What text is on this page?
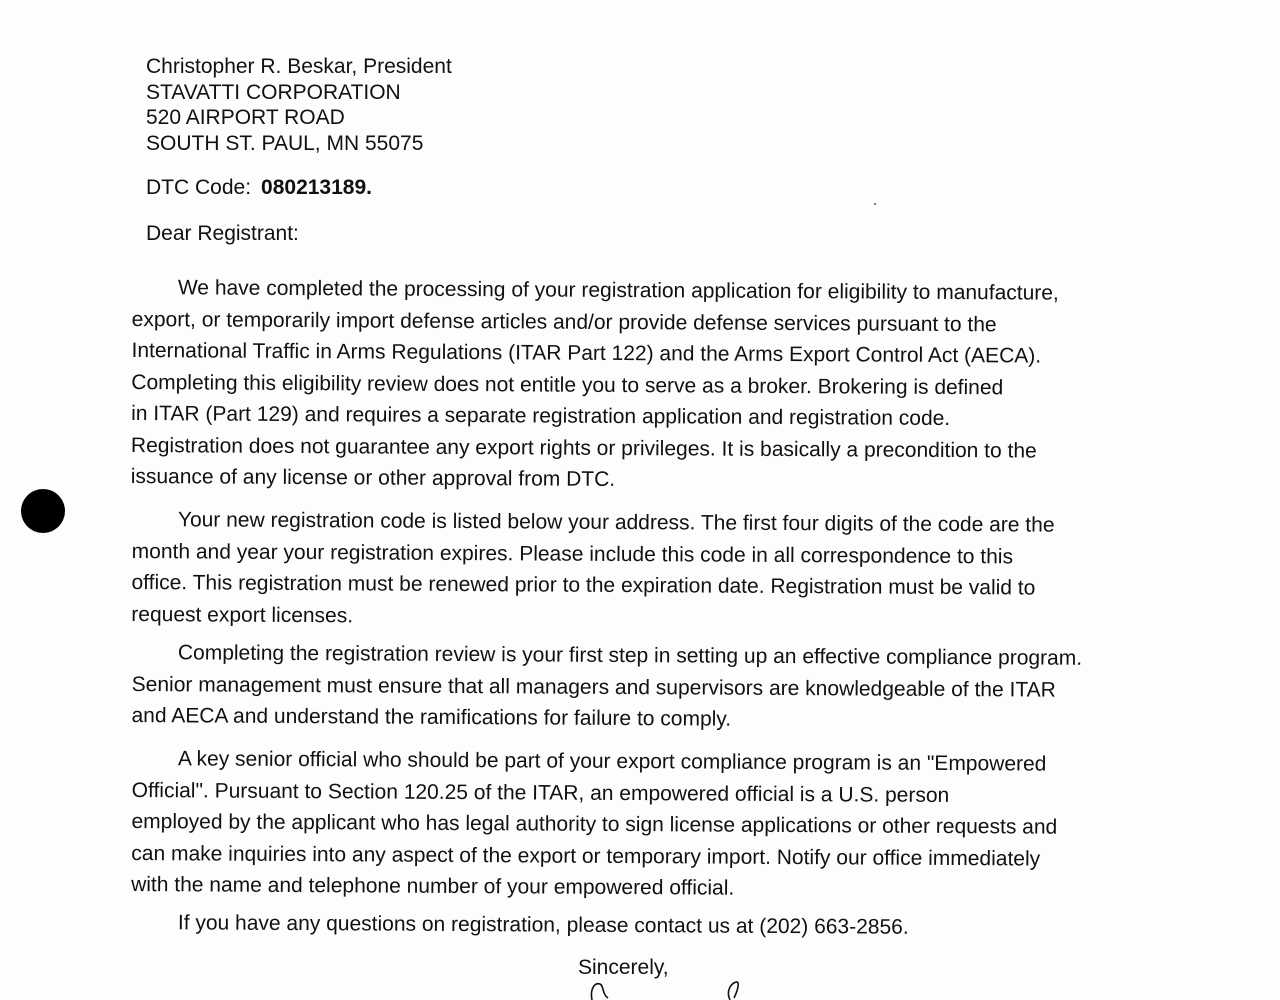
Christopher R. Beskar, President
STAVATTI CORPORATION
520 AIRPORT ROAD
SOUTH ST. PAUL, MN 55075
DTC Code: 080213189.
Dear Registrant:
We have completed the processing of your registration application for eligibility to manufacture,
export, or temporarily import defense articles and/or provide defense services pursuant to the
International Traffic in Arms Regulations (ITAR Part 122) and the Arms Export Control Act (AECA).
Completing this eligibility review does not entitle you to serve as a broker. Brokering is defined
in ITAR (Part 129) and requires a separate registration application and registration code.
Registration does not guarantee any export rights or privileges. It is basically a precondition to the
issuance of any license or other approval from DTC.
Your new registration code is listed below your address. The first four digits of the code are the
month and year your registration expires. Please include this code in all correspondence to this
office. This registration must be renewed prior to the expiration date. Registration must be valid to
request export licenses.
Completing the registration review is your first step in setting up an effective compliance program.
Senior management must ensure that all managers and supervisors are knowledgeable of the ITAR
and AECA and understand the ramifications for failure to comply.
A key senior official who should be part of your export compliance program is an "Empowered
Official". Pursuant to Section 120.25 of the ITAR, an empowered official is a U.S. person
employed by the applicant who has legal authority to sign license applications or other requests and
can make inquiries into any aspect of the export or temporary import. Notify our office immediately
with the name and telephone number of your empowered official.
If you have any questions on registration, please contact us at (202) 663-2856.
Sincerely,
